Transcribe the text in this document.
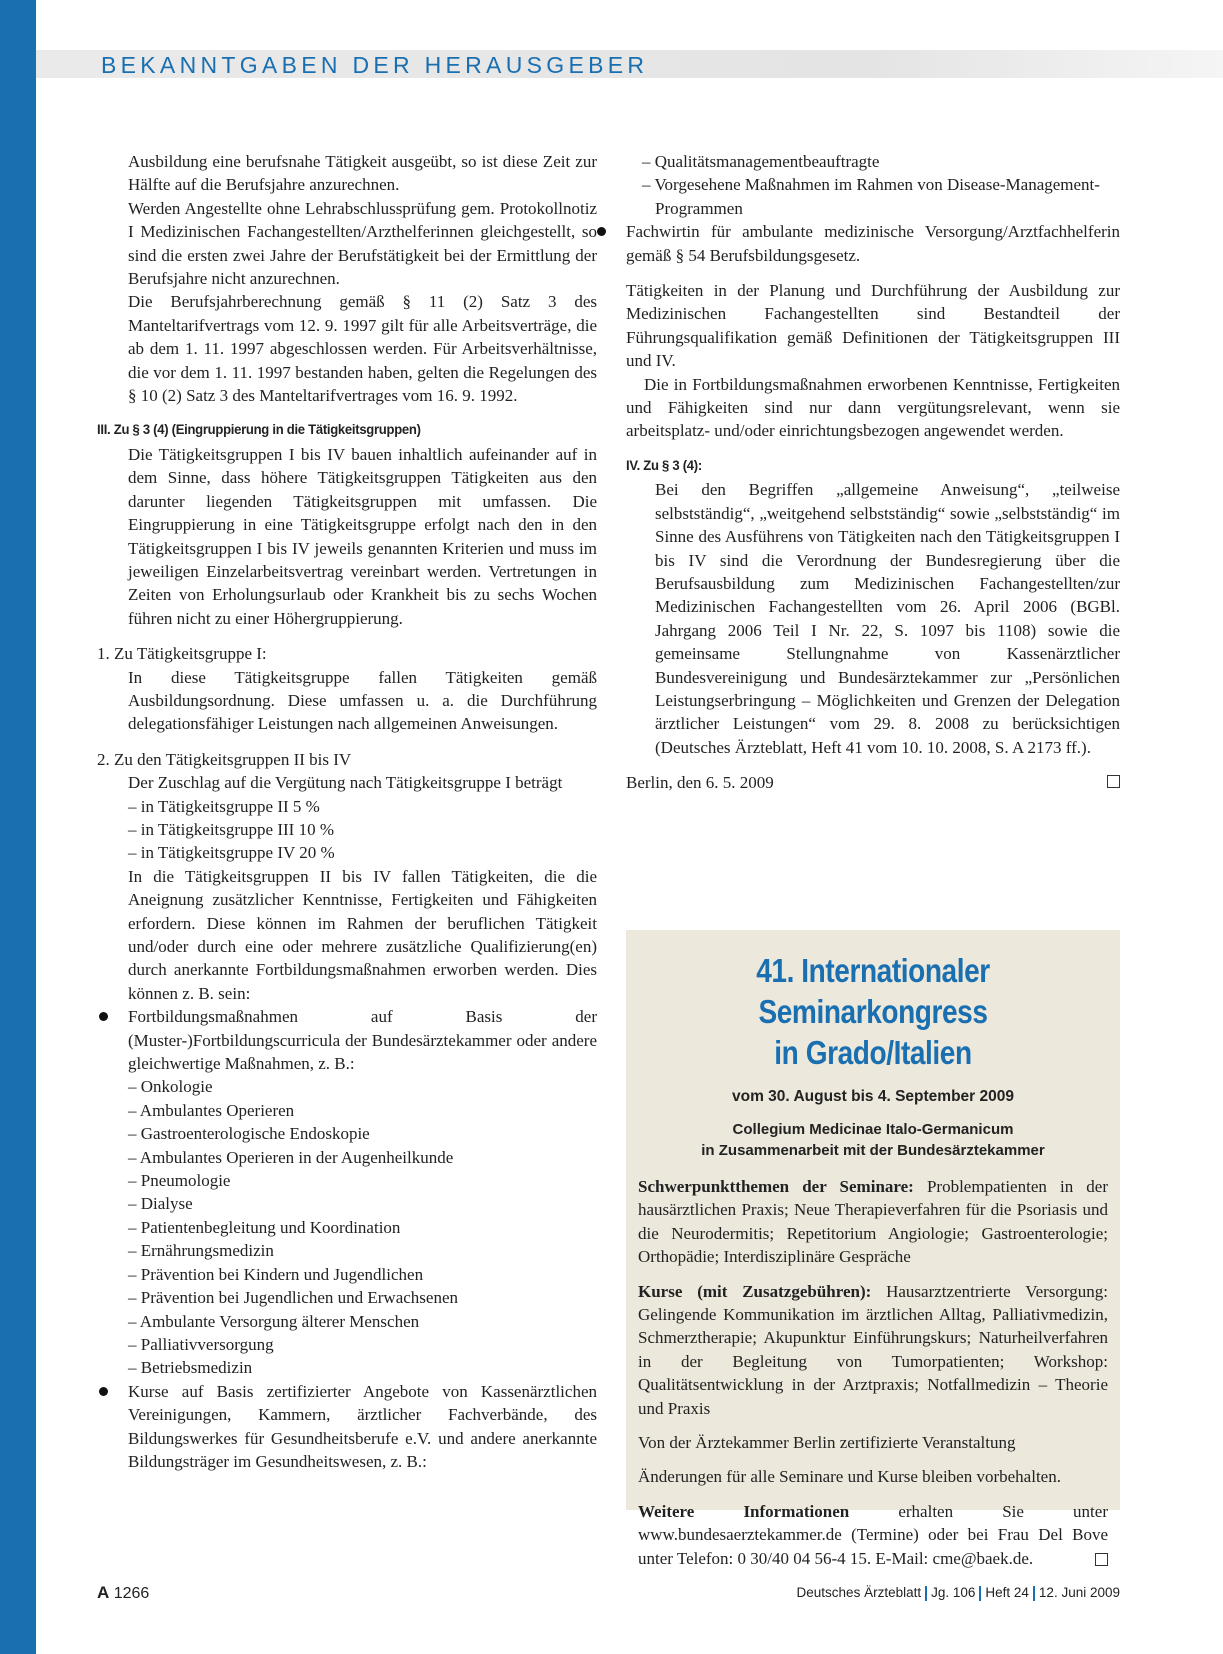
BEKANNTGABEN DER HERAUSGEBER

Ausbildung eine berufsnahe Tätigkeit ausgeübt, so ist diese Zeit zur Hälfte auf die Berufsjahre anzurechnen.

Werden Angestellte ohne Lehrabschlussprüfung gem. Protokollnotiz I Medizinischen Fachangestellten/Arzthelferinnen gleichgestellt, so sind die ersten zwei Jahre der Berufstätigkeit bei der Ermittlung der Berufsjahre nicht anzurechnen.

Die Berufsjahrberechnung gemäß § 11 (2) Satz 3 des Manteltarifvertrags vom 12. 9. 1997 gilt für alle Arbeitsverträge, die ab dem 1. 11. 1997 abgeschlossen werden. Für Arbeitsverhältnisse, die vor dem 1. 11. 1997 bestanden haben, gelten die Regelungen des § 10 (2) Satz 3 des Manteltarifvertrages vom 16. 9. 1992.

III. Zu § 3 (4) (Eingruppierung in die Tätigkeitsgruppen)

Die Tätigkeitsgruppen I bis IV bauen inhaltlich aufeinander auf in dem Sinne, dass höhere Tätigkeitsgruppen Tätigkeiten aus den darunter liegenden Tätigkeitsgruppen mit umfassen. Die Eingruppierung in eine Tätigkeitsgruppe erfolgt nach den in den Tätigkeitsgruppen I bis IV jeweils genannten Kriterien und muss im jeweiligen Einzelarbeitsvertrag vereinbart werden. Vertretungen in Zeiten von Erholungsurlaub oder Krankheit bis zu sechs Wochen führen nicht zu einer Höhergruppierung.

1. Zu Tätigkeitsgruppe I:

In diese Tätigkeitsgruppe fallen Tätigkeiten gemäß Ausbildungsordnung. Diese umfassen u. a. die Durchführung delegationsfähiger Leistungen nach allgemeinen Anweisungen.

2. Zu den Tätigkeitsgruppen II bis IV

Der Zuschlag auf die Vergütung nach Tätigkeitsgruppe I beträgt

– in Tätigkeitsgruppe II 5 %

– in Tätigkeitsgruppe III 10 %

– in Tätigkeitsgruppe IV 20 %

In die Tätigkeitsgruppen II bis IV fallen Tätigkeiten, die die Aneignung zusätzlicher Kenntnisse, Fertigkeiten und Fähigkeiten erfordern. Diese können im Rahmen der beruflichen Tätigkeit und/oder durch eine oder mehrere zusätzliche Qualifizierung(en) durch anerkannte Fortbildungsmaßnahmen erworben werden. Dies können z. B. sein:

Fortbildungsmaßnahmen auf Basis der (Muster-)Fortbildungscurricula der Bundesärztekammer oder andere gleichwertige Maßnahmen, z. B.:

– Onkologie

– Ambulantes Operieren

– Gastroenterologische Endoskopie

– Ambulantes Operieren in der Augenheilkunde

– Pneumologie

– Dialyse

– Patientenbegleitung und Koordination

– Ernährungsmedizin

– Prävention bei Kindern und Jugendlichen

– Prävention bei Jugendlichen und Erwachsenen

– Ambulante Versorgung älterer Menschen

– Palliativversorgung

– Betriebsmedizin

Kurse auf Basis zertifizierter Angebote von Kassenärztlichen Vereinigungen, Kammern, ärztlicher Fachverbände, des Bildungswerkes für Gesundheitsberufe e.V. und andere anerkannte Bildungsträger im Gesundheitswesen, z. B.:

– Qualitätsmanagementbeauftragte

– Vorgesehene Maßnahmen im Rahmen von Disease-Management-Programmen

Fachwirtin für ambulante medizinische Versorgung/Arztfachhelferin gemäß § 54 Berufsbildungsgesetz.

Tätigkeiten in der Planung und Durchführung der Ausbildung zur Medizinischen Fachangestellten sind Bestandteil der Führungsqualifikation gemäß Definitionen der Tätigkeitsgruppen III und IV.

Die in Fortbildungsmaßnahmen erworbenen Kenntnisse, Fertigkeiten und Fähigkeiten sind nur dann vergütungsrelevant, wenn sie arbeitsplatz- und/oder einrichtungsbezogen angewendet werden.

IV. Zu § 3 (4):

Bei den Begriffen „allgemeine Anweisung“, „teilweise selbstständig“, „weitgehend selbstständig“ sowie „selbstständig“ im Sinne des Ausführens von Tätigkeiten nach den Tätigkeitsgruppen I bis IV sind die Verordnung der Bundesregierung über die Berufsausbildung zum Medizinischen Fachangestellten/zur Medizinischen Fachangestellten vom 26. April 2006 (BGBl. Jahrgang 2006 Teil I Nr. 22, S. 1097 bis 1108) sowie die gemeinsame Stellungnahme von Kassenärztlicher Bundesvereinigung und Bundesärztekammer zur „Persönlichen Leistungserbringung – Möglichkeiten und Grenzen der Delegation ärztlicher Leistungen“ vom 29. 8. 2008 zu berücksichtigen (Deutsches Ärzteblatt, Heft 41 vom 10. 10. 2008, S. A 2173 ff.).

Berlin, den 6. 5. 2009
41. Internationaler Seminarkongress
in Grado/Italien
vom 30. August bis 4. September 2009
Collegium Medicinae Italo-Germanicum
in Zusammenarbeit mit der Bundesärztekammer

Schwerpunktthemen der Seminare: Problempatienten in der hausärztlichen Praxis; Neue Therapieverfahren für die Psoriasis und die Neurodermitis; Repetitorium Angiologie; Gastroenterologie; Orthopädie; Interdisziplinäre Gespräche

Kurse (mit Zusatzgebühren): Hausarztzentrierte Versorgung: Gelingende Kommunikation im ärztlichen Alltag, Palliativmedizin, Schmerztherapie; Akupunktur Einführungskurs; Naturheilverfahren in der Begleitung von Tumorpatienten; Workshop: Qualitätsentwicklung in der Arztpraxis; Notfallmedizin – Theorie und Praxis

Von der Ärztekammer Berlin zertifizierte Veranstaltung

Änderungen für alle Seminare und Kurse bleiben vorbehalten.

Weitere Informationen erhalten Sie unter www.bundesaerztekammer.de (Termine) oder bei Frau Del Bove unter Telefon: 0 30/40 04 56-4 15. E-Mail: cme@baek.de.

A 1266	Deutsches Ärzteblatt Jg. 106 Heft 24 12. Juni 2009
